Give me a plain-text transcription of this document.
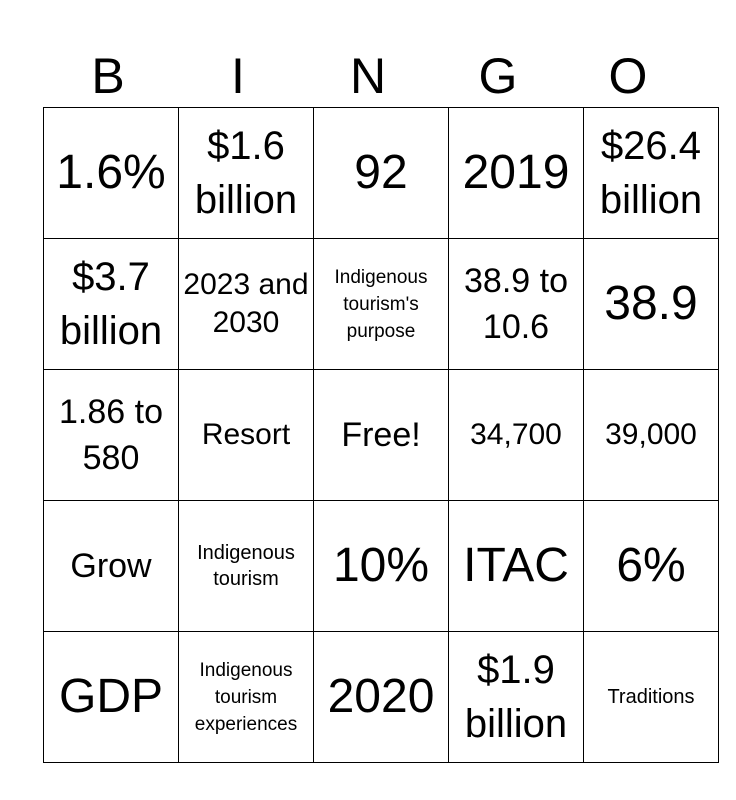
B	I	N	G	O
1.6%	$1.6 billion	92	2019	$26.4 billion
$3.7 billion	2023 and 2030	Indigenous tourism's purpose	38.9 to 10.6	38.9
1.86 to 580	Resort	Free!	34,700	39,000
Grow	Indigenous tourism	10%	ITAC	6%
GDP	Indigenous tourism experiences	2020	$1.9 billion	Traditions
